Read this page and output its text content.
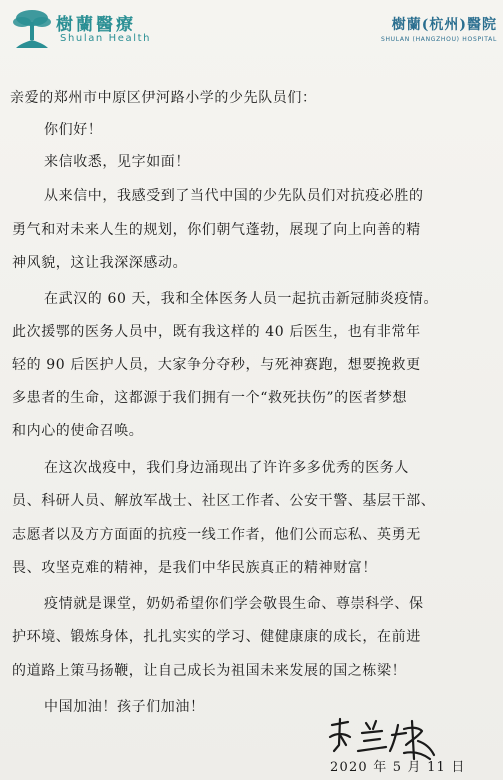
樹蘭醫療
Shulan Health
樹蘭(杭州)醫院
SHULAN (HANGZHOU) HOSPITAL
亲爱的郑州市中原区伊河路小学的少先队员们：
你们好！
来信收悉，见字如面！
从来信中，我感受到了当代中国的少先队员们对抗疫必胜的
勇气和对未来人生的规划，你们朝气蓬勃，展现了向上向善的精
神风貌，这让我深深感动。
在武汉的 60 天，我和全体医务人员一起抗击新冠肺炎疫情。
此次援鄂的医务人员中，既有我这样的 40 后医生，也有非常年
轻的 90 后医护人员，大家争分夺秒，与死神赛跑，想要挽救更
多患者的生命，这都源于我们拥有一个“救死扶伤”的医者梦想
和内心的使命召唤。
在这次战疫中，我们身边涌现出了许许多多优秀的医务人
员、科研人员、解放军战士、社区工作者、公安干警、基层干部、
志愿者以及方方面面的抗疫一线工作者，他们公而忘私、英勇无
畏、攻坚克难的精神，是我们中华民族真正的精神财富！
疫情就是课堂，奶奶希望你们学会敬畏生命、尊崇科学、保
护环境、锻炼身体，扎扎实实的学习、健健康康的成长，在前进
的道路上策马扬鞭，让自己成长为祖国未来发展的国之栋梁！
中国加油！孩子们加油！
2020 年 5 月 11 日
